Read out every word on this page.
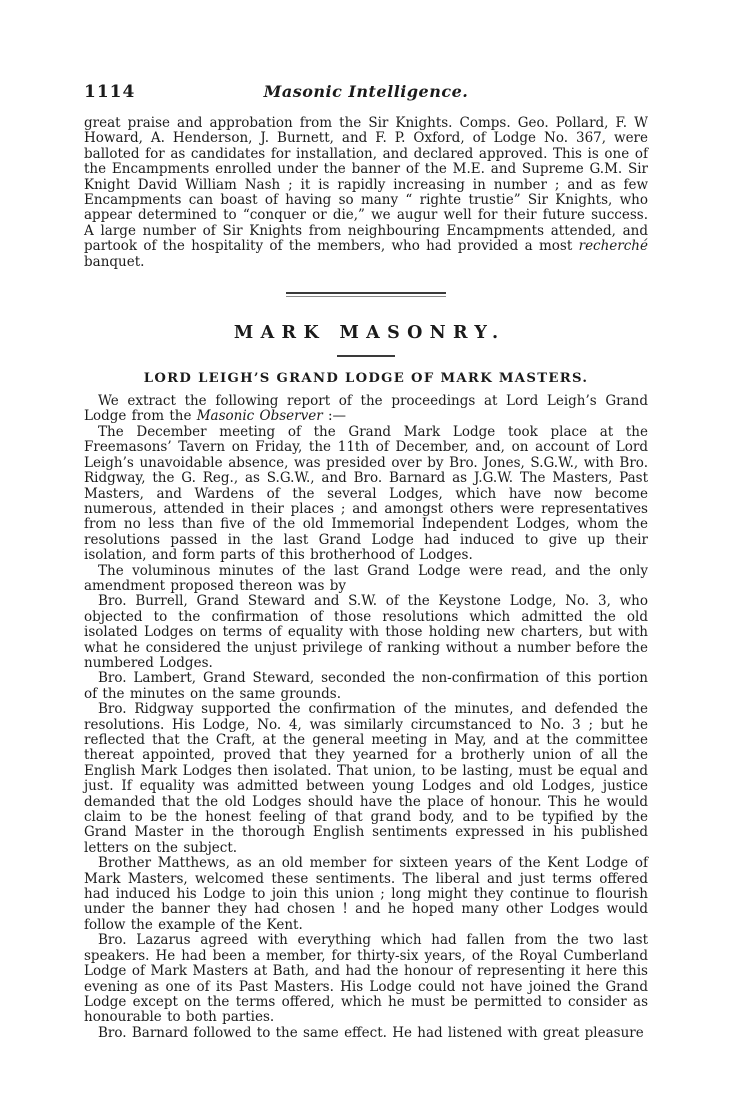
1114	Masonic Intelligence.

great praise and approbation from the Sir Knights. Comps. Geo. Pollard, F. W Howard, A. Henderson, J. Burnett, and F. P. Oxford, of Lodge No. 367, were balloted for as candidates for installation, and declared approved. This is one of the Encampments enrolled under the banner of the M.E. and Supreme G.M. Sir Knight David William Nash ; it is rapidly increasing in number ; and as few Encampments can boast of having so many “ righte trustie” Sir Knights, who appear determined to “conquer or die,” we augur well for their future success. A large number of Sir Knights from neighbouring Encampments attended, and partook of the hospitality of the members, who had provided a most recherché banquet.

MARK MASONRY.
LORD LEIGH’S GRAND LODGE OF MARK MASTERS.

We extract the following report of the proceedings at Lord Leigh’s Grand Lodge from the Masonic Observer :—

The December meeting of the Grand Mark Lodge took place at the Freemasons’ Tavern on Friday, the 11th of December, and, on account of Lord Leigh’s unavoidable absence, was presided over by Bro. Jones, S.G.W., with Bro. Ridgway, the G. Reg., as S.G.W., and Bro. Barnard as J.G.W. The Masters, Past Masters, and Wardens of the several Lodges, which have now become numerous, attended in their places ; and amongst others were representatives from no less than five of the old Immemorial Independent Lodges, whom the resolutions passed in the last Grand Lodge had induced to give up their isolation, and form parts of this brotherhood of Lodges.

The voluminous minutes of the last Grand Lodge were read, and the only amendment proposed thereon was by

Bro. Burrell, Grand Steward and S.W. of the Keystone Lodge, No. 3, who objected to the confirmation of those resolutions which admitted the old isolated Lodges on terms of equality with those holding new charters, but with what he considered the unjust privilege of ranking without a number before the numbered Lodges.

Bro. Lambert, Grand Steward, seconded the non-confirmation of this portion of the minutes on the same grounds.

Bro. Ridgway supported the confirmation of the minutes, and defended the resolutions. His Lodge, No. 4, was similarly circumstanced to No. 3 ; but he reflected that the Craft, at the general meeting in May, and at the committee thereat appointed, proved that they yearned for a brotherly union of all the English Mark Lodges then isolated. That union, to be lasting, must be equal and just. If equality was admitted between young Lodges and old Lodges, justice demanded that the old Lodges should have the place of honour. This he would claim to be the honest feeling of that grand body, and to be typified by the Grand Master in the thorough English sentiments expressed in his published letters on the subject.

Brother Matthews, as an old member for sixteen years of the Kent Lodge of Mark Masters, welcomed these sentiments. The liberal and just terms offered had induced his Lodge to join this union ; long might they continue to flourish under the banner they had chosen ! and he hoped many other Lodges would follow the example of the Kent.

Bro. Lazarus agreed with everything which had fallen from the two last speakers. He had been a member, for thirty-six years, of the Royal Cumberland Lodge of Mark Masters at Bath, and had the honour of representing it here this evening as one of its Past Masters. His Lodge could not have joined the Grand Lodge except on the terms offered, which he must be permitted to consider as honourable to both parties.

Bro. Barnard followed to the same effect. He had listened with great pleasure
